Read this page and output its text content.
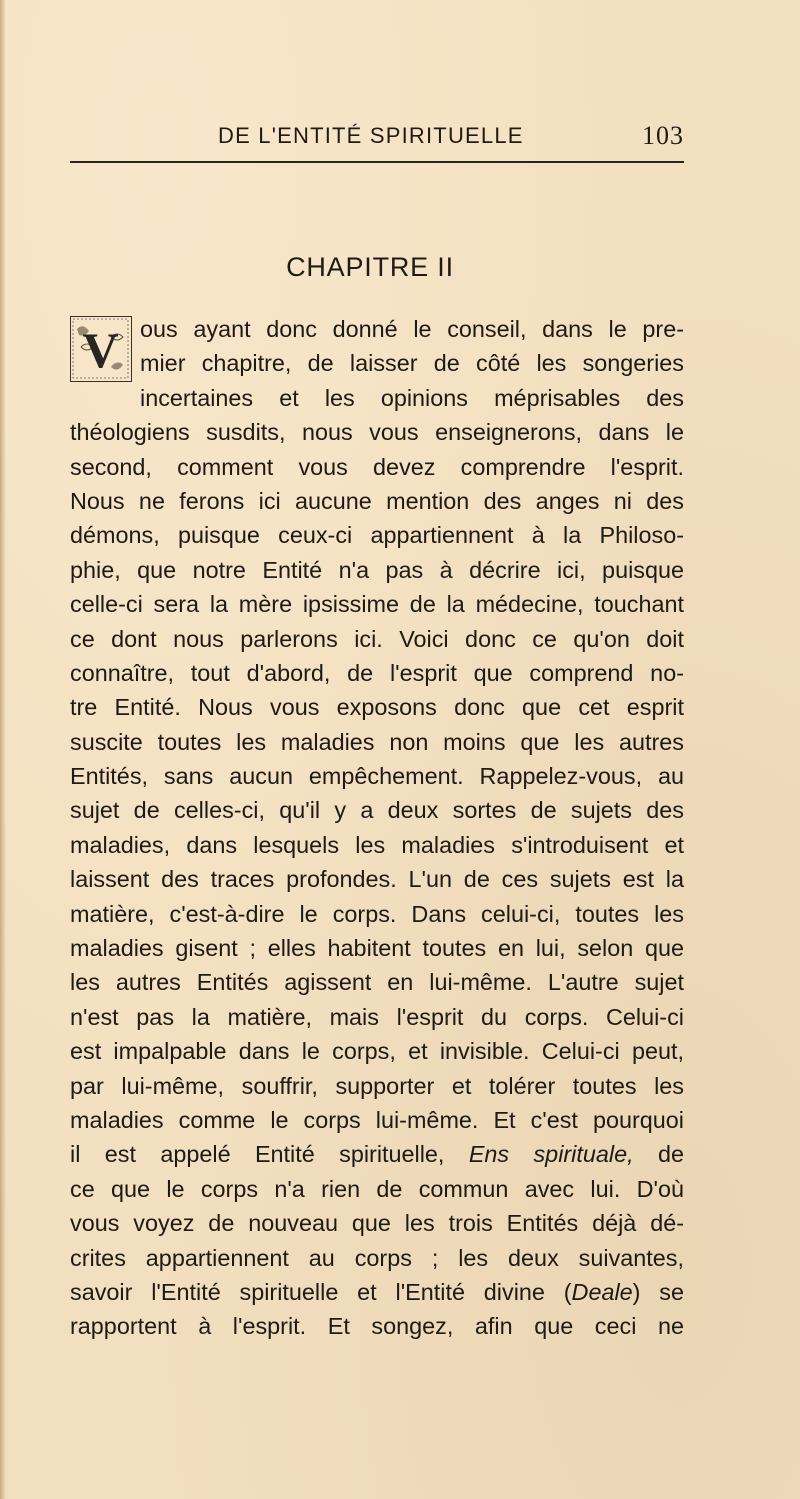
DE L'ENTITÉ SPIRITUELLE	103
CHAPITRE II
V ous ayant donc donné le conseil, dans le pre-
mier chapitre, de laisser de côté les songeries
incertaines et les opinions méprisables des
théologiens susdits, nous vous enseignerons, dans le
second, comment vous devez comprendre l'esprit.
Nous ne ferons ici aucune mention des anges ni des
démons, puisque ceux-ci appartiennent à la Philoso-
phie, que notre Entité n'a pas à décrire ici, puisque
celle-ci sera la mère ipsissime de la médecine, touchant
ce dont nous parlerons ici. Voici donc ce qu'on doit
connaître, tout d'abord, de l'esprit que comprend no-
tre Entité. Nous vous exposons donc que cet esprit
suscite toutes les maladies non moins que les autres
Entités, sans aucun empêchement. Rappelez-vous, au
sujet de celles-ci, qu'il y a deux sortes de sujets des
maladies, dans lesquels les maladies s'introduisent et
laissent des traces profondes. L'un de ces sujets est la
matière, c'est-à-dire le corps. Dans celui-ci, toutes les
maladies gisent ; elles habitent toutes en lui, selon que
les autres Entités agissent en lui-même. L'autre sujet
n'est pas la matière, mais l'esprit du corps. Celui-ci
est impalpable dans le corps, et invisible. Celui-ci peut,
par lui-même, souffrir, supporter et tolérer toutes les
maladies comme le corps lui-même. Et c'est pourquoi
il est appelé Entité spirituelle, Ens spirituale, de
ce que le corps n'a rien de commun avec lui. D'où
vous voyez de nouveau que les trois Entités déjà dé-
crites appartiennent au corps ; les deux suivantes,
savoir l'Entité spirituelle et l'Entité divine (Deale) se
rapportent à l'esprit. Et songez, afin que ceci ne
